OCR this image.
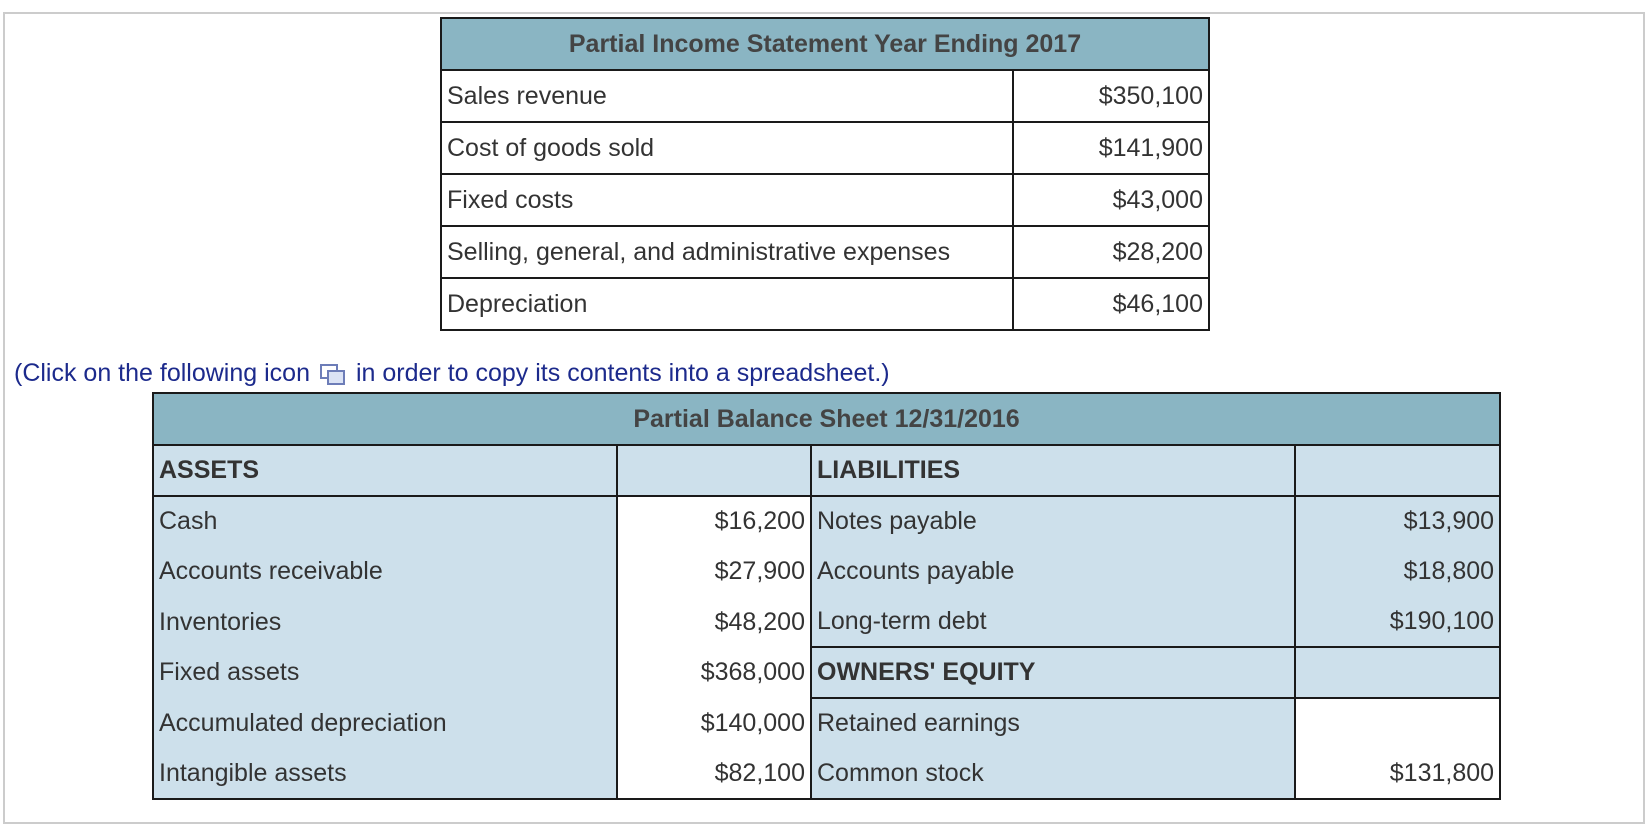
Partial Income Statement Year Ending 2017	
Sales revenue	$350,100
Cost of goods sold	$141,900
Fixed costs	$43,000
Selling, general, and administrative expenses	$28,200
Depreciation	$46,100
(Click on the following icon in order to copy its contents into a spreadsheet.)
Partial Balance Sheet 12/31/2016			
ASSETS		LIABILITIES	
Cash	$16,200	Notes payable	$13,900
Accounts receivable	$27,900	Accounts payable	$18,800
Inventories	$48,200	Long-term debt	$190,100
Fixed assets	$368,000	OWNERS' EQUITY	
Accumulated depreciation	$140,000	Retained earnings	
Intangible assets	$82,100	Common stock	$131,800
